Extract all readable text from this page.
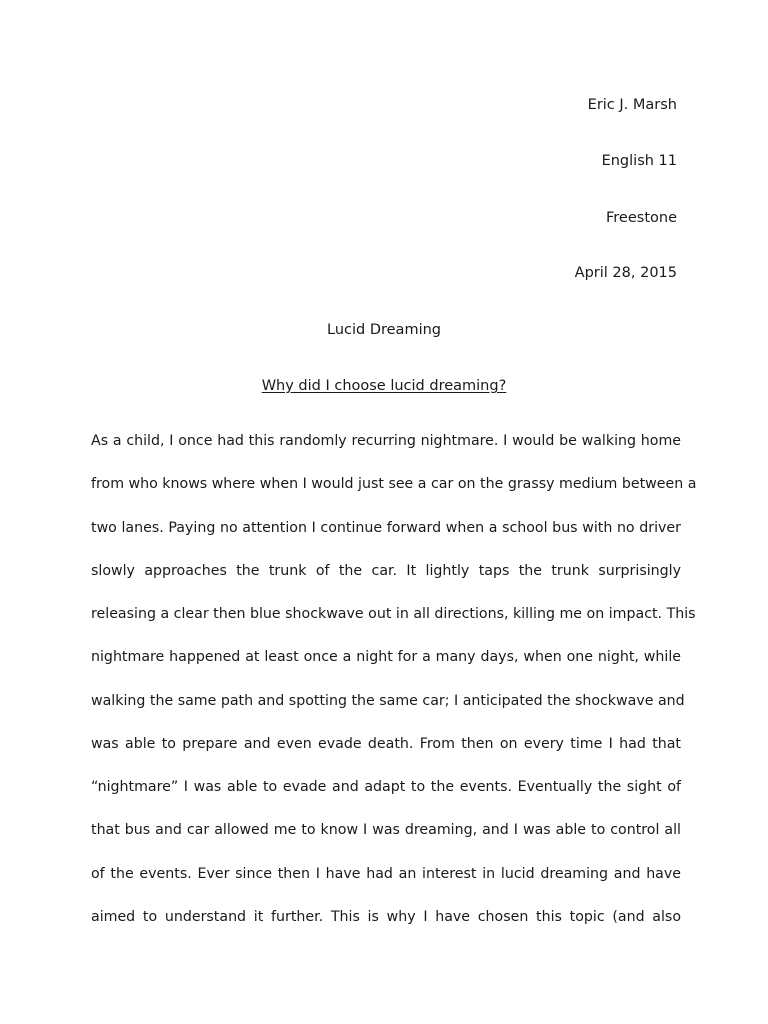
Eric J. Marsh
English 11
Freestone
April 28, 2015
Lucid Dreaming
Why did I choose lucid dreaming?
As a child, I once had this randomly recurring nightmare. I would be walking home
from who knows where when I would just see a car on the grassy medium between a
two lanes. Paying no attention I continue forward when a school bus with no driver
slowly approaches the trunk of the car. It lightly taps the trunk surprisingly
releasing a clear then blue shockwave out in all directions, killing me on impact. This
nightmare happened at least once a night for a many days, when one night, while
walking the same path and spotting the same car; I anticipated the shockwave and
was able to prepare and even evade death. From then on every time I had that
“nightmare” I was able to evade and adapt to the events. Eventually the sight of
that bus and car allowed me to know I was dreaming, and I was able to control all
of the events. Ever since then I have had an interest in lucid dreaming and have
aimed to understand it further. This is why I have chosen this topic (and also
